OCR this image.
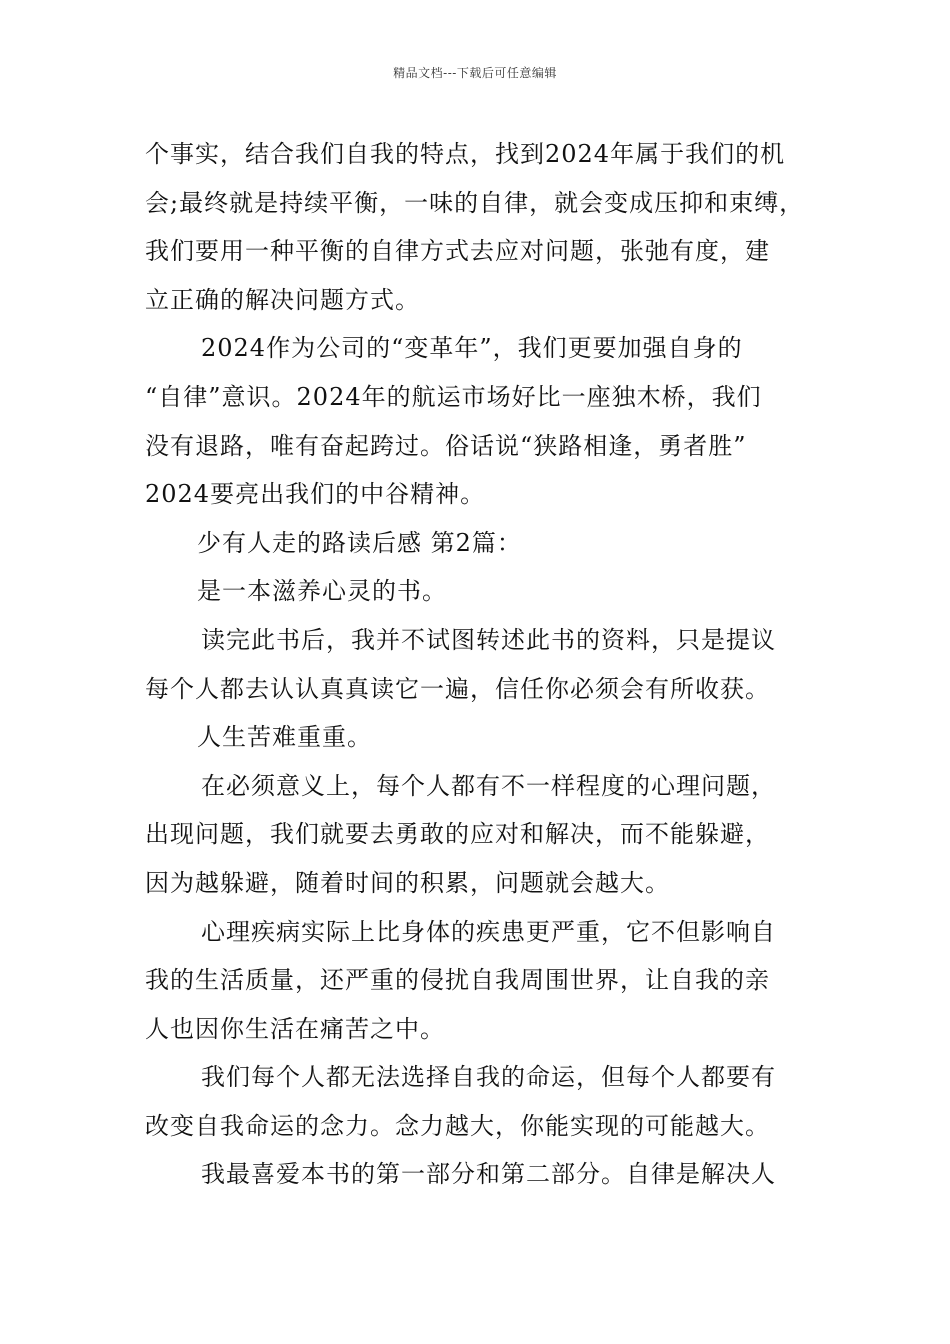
精品文档---下载后可任意编辑
个事实，结合我们自我的特点，找到2024年属于我们的机
会;最终就是持续平衡，一味的自律，就会变成压抑和束缚，
我们要用一种平衡的自律方式去应对问题，张弛有度，建
立正确的解决问题方式。
2024作为公司的“变革年”，我们更要加强自身的
“自律”意识。2024年的航运市场好比一座独木桥，我们
没有退路，唯有奋起跨过。俗话说“狭路相逢，勇者胜”
2024要亮出我们的中谷精神。
少有人走的路读后感 第2篇：
是一本滋养心灵的书。
读完此书后，我并不试图转述此书的资料，只是提议
每个人都去认认真真读它一遍，信任你必须会有所收获。
人生苦难重重。
在必须意义上，每个人都有不一样程度的心理问题，
出现问题，我们就要去勇敢的应对和解决，而不能躲避，
因为越躲避，随着时间的积累，问题就会越大。
心理疾病实际上比身体的疾患更严重，它不但影响自
我的生活质量，还严重的侵扰自我周围世界，让自我的亲
人也因你生活在痛苦之中。
我们每个人都无法选择自我的命运，但每个人都要有
改变自我命运的念力。念力越大，你能实现的可能越大。
我最喜爱本书的第一部分和第二部分。自律是解决人
